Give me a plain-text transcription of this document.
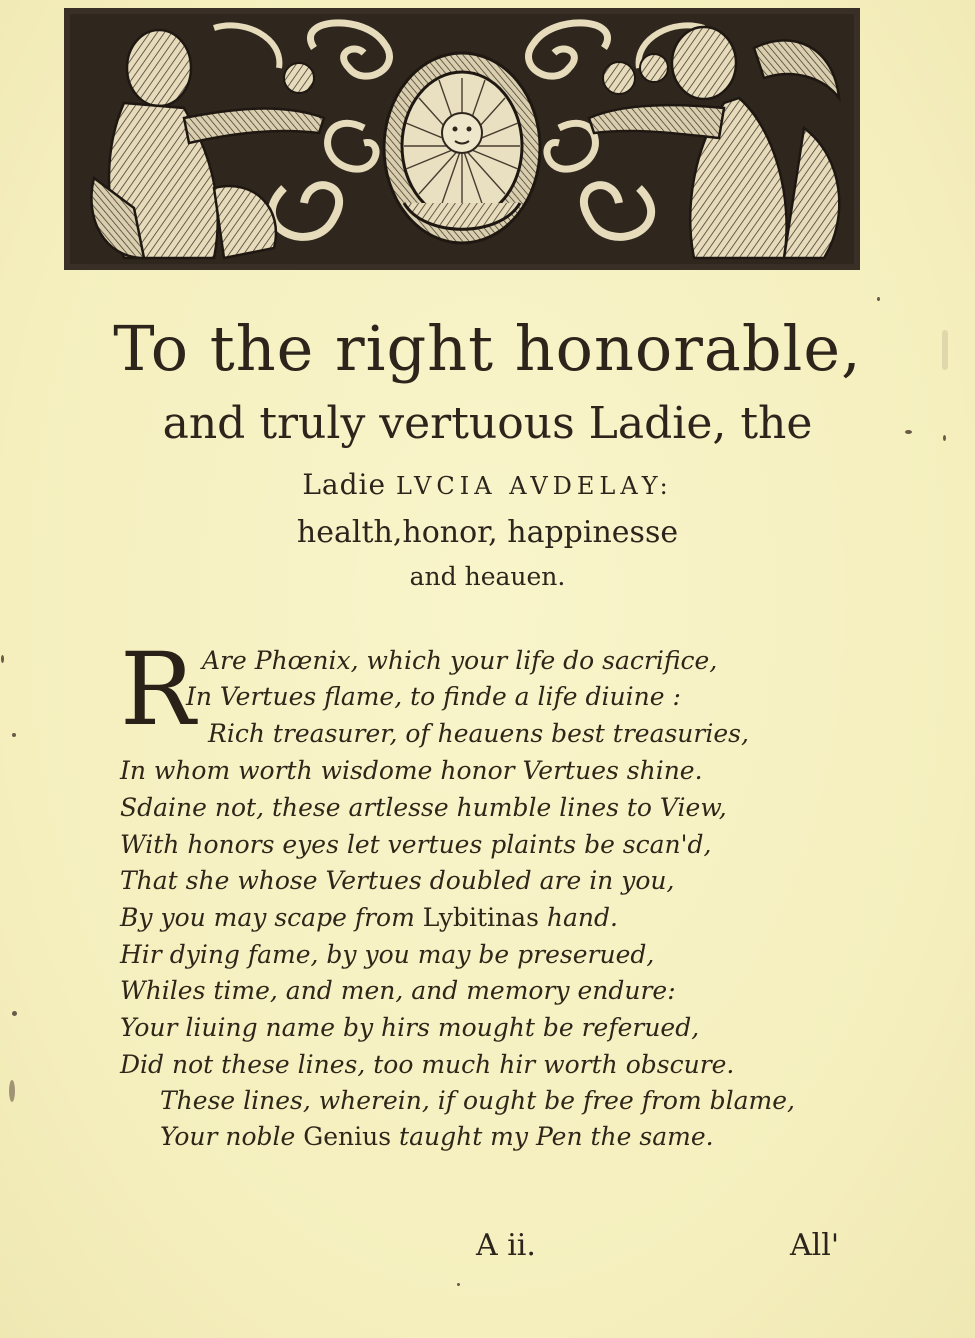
To the right honorable,
and truly vertuous Ladie, the
Ladie LVCIA AVDELAY:
health,honor, happinesse
and heauen.
R Are Phœnix, which your life do sacrifice,
In Vertues flame, to finde a life diuine :
Rich treasurer, of heauens best treasuries,
In whom worth wisdome honor Vertues shine.
Sdaine not, these artlesse humble lines to View,
With honors eyes let vertues plaints be scan'd,
That she whose Vertues doubled are in you,
By you may scape from Lybitinas hand.
Hir dying fame, by you may be preserued,
Whiles time, and men, and memory endure:
Your liuing name by hirs mought be referued,
Did not these lines, too much hir worth obscure.
These lines, wherein, if ought be free from blame,
Your noble Genius taught my Pen the same.
A ii.	All'
